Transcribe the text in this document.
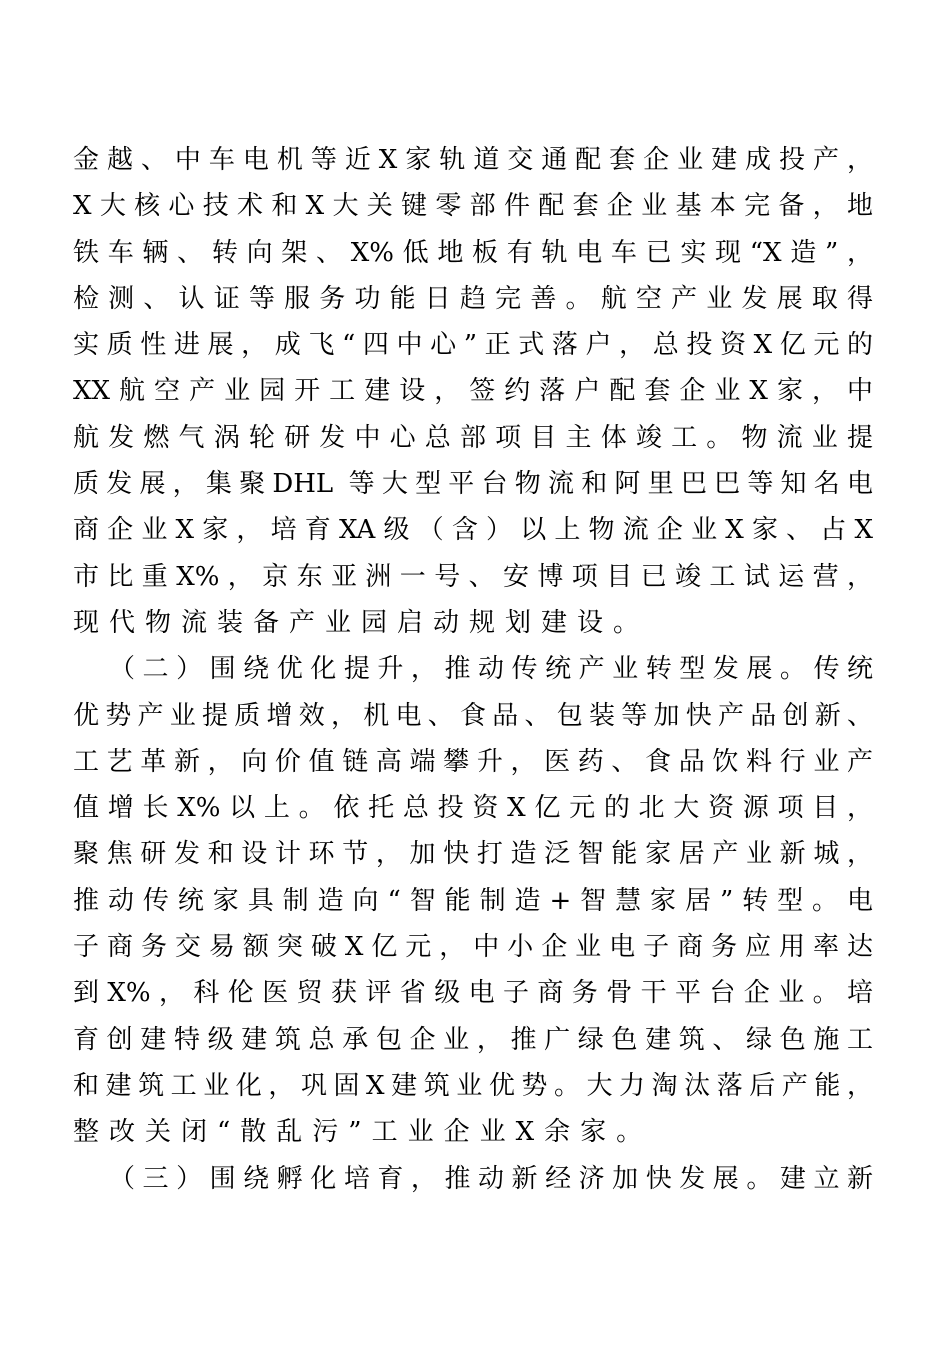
金越、中车电机等近X家轨道交通配套企业建成投产，
X大核心技术和X大关键零部件配套企业基本完备，地
铁车辆、转向架、X%低地板有轨电车已实现“X造”，
检测、认证等服务功能日趋完善。航空产业发展取得
实质性进展，成飞“四中心”正式落户，总投资X亿元的
XX航空产业园开工建设，签约落户配套企业X家，中
航发燃气涡轮研发中心总部项目主体竣工。物流业提
质发展，集聚DHL 等大型平台物流和阿里巴巴等知名电
商企业X家，培育XA级（含）以上物流企业X家、占X
市比重X%，京东亚洲一号、安博项目已竣工试运营，
现代物流装备产业园启动规划建设。
（二）围绕优化提升，推动传统产业转型发展。传统
优势产业提质增效，机电、食品、包装等加快产品创新、
工艺革新，向价值链高端攀升，医药、食品饮料行业产
值增长X%以上。依托总投资X亿元的北大资源项目，
聚焦研发和设计环节，加快打造泛智能家居产业新城，
推动传统家具制造向“智能制造+智慧家居”转型。电
子商务交易额突破X亿元，中小企业电子商务应用率达
到X%，科伦医贸获评省级电子商务骨干平台企业。培
育创建特级建筑总承包企业，推广绿色建筑、绿色施工
和建筑工业化，巩固X建筑业优势。大力淘汰落后产能，
整改关闭“散乱污”工业企业X余家。
（三）围绕孵化培育，推动新经济加快发展。建立新
